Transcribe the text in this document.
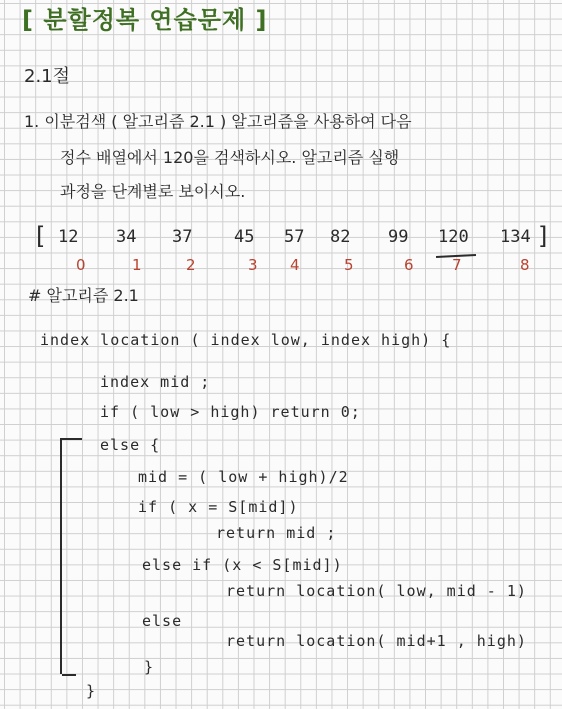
[ 분할정복 연습문제 ]
2.1절
1. 이분검색 ( 알고리즘 2.1 ) 알고리즘을 사용하여 다음
정수 배열에서 120을 검색하시오. 알고리즘 실행
과정을 단계별로 보이시오.
[ 12 34 37 45 57 82 99 120 134 ]
0	1	2	3 4	5	6	7	8
# 알고리즘 2.1
index location ( index low, index high) {
index mid ;
if ( low > high) return 0;
else {
mid = ( low + high)/2
if ( x = S[mid])
return mid ;
else if (x < S[mid])
return location( low, mid - 1)
else
return location( mid+1 , high)
}
}
